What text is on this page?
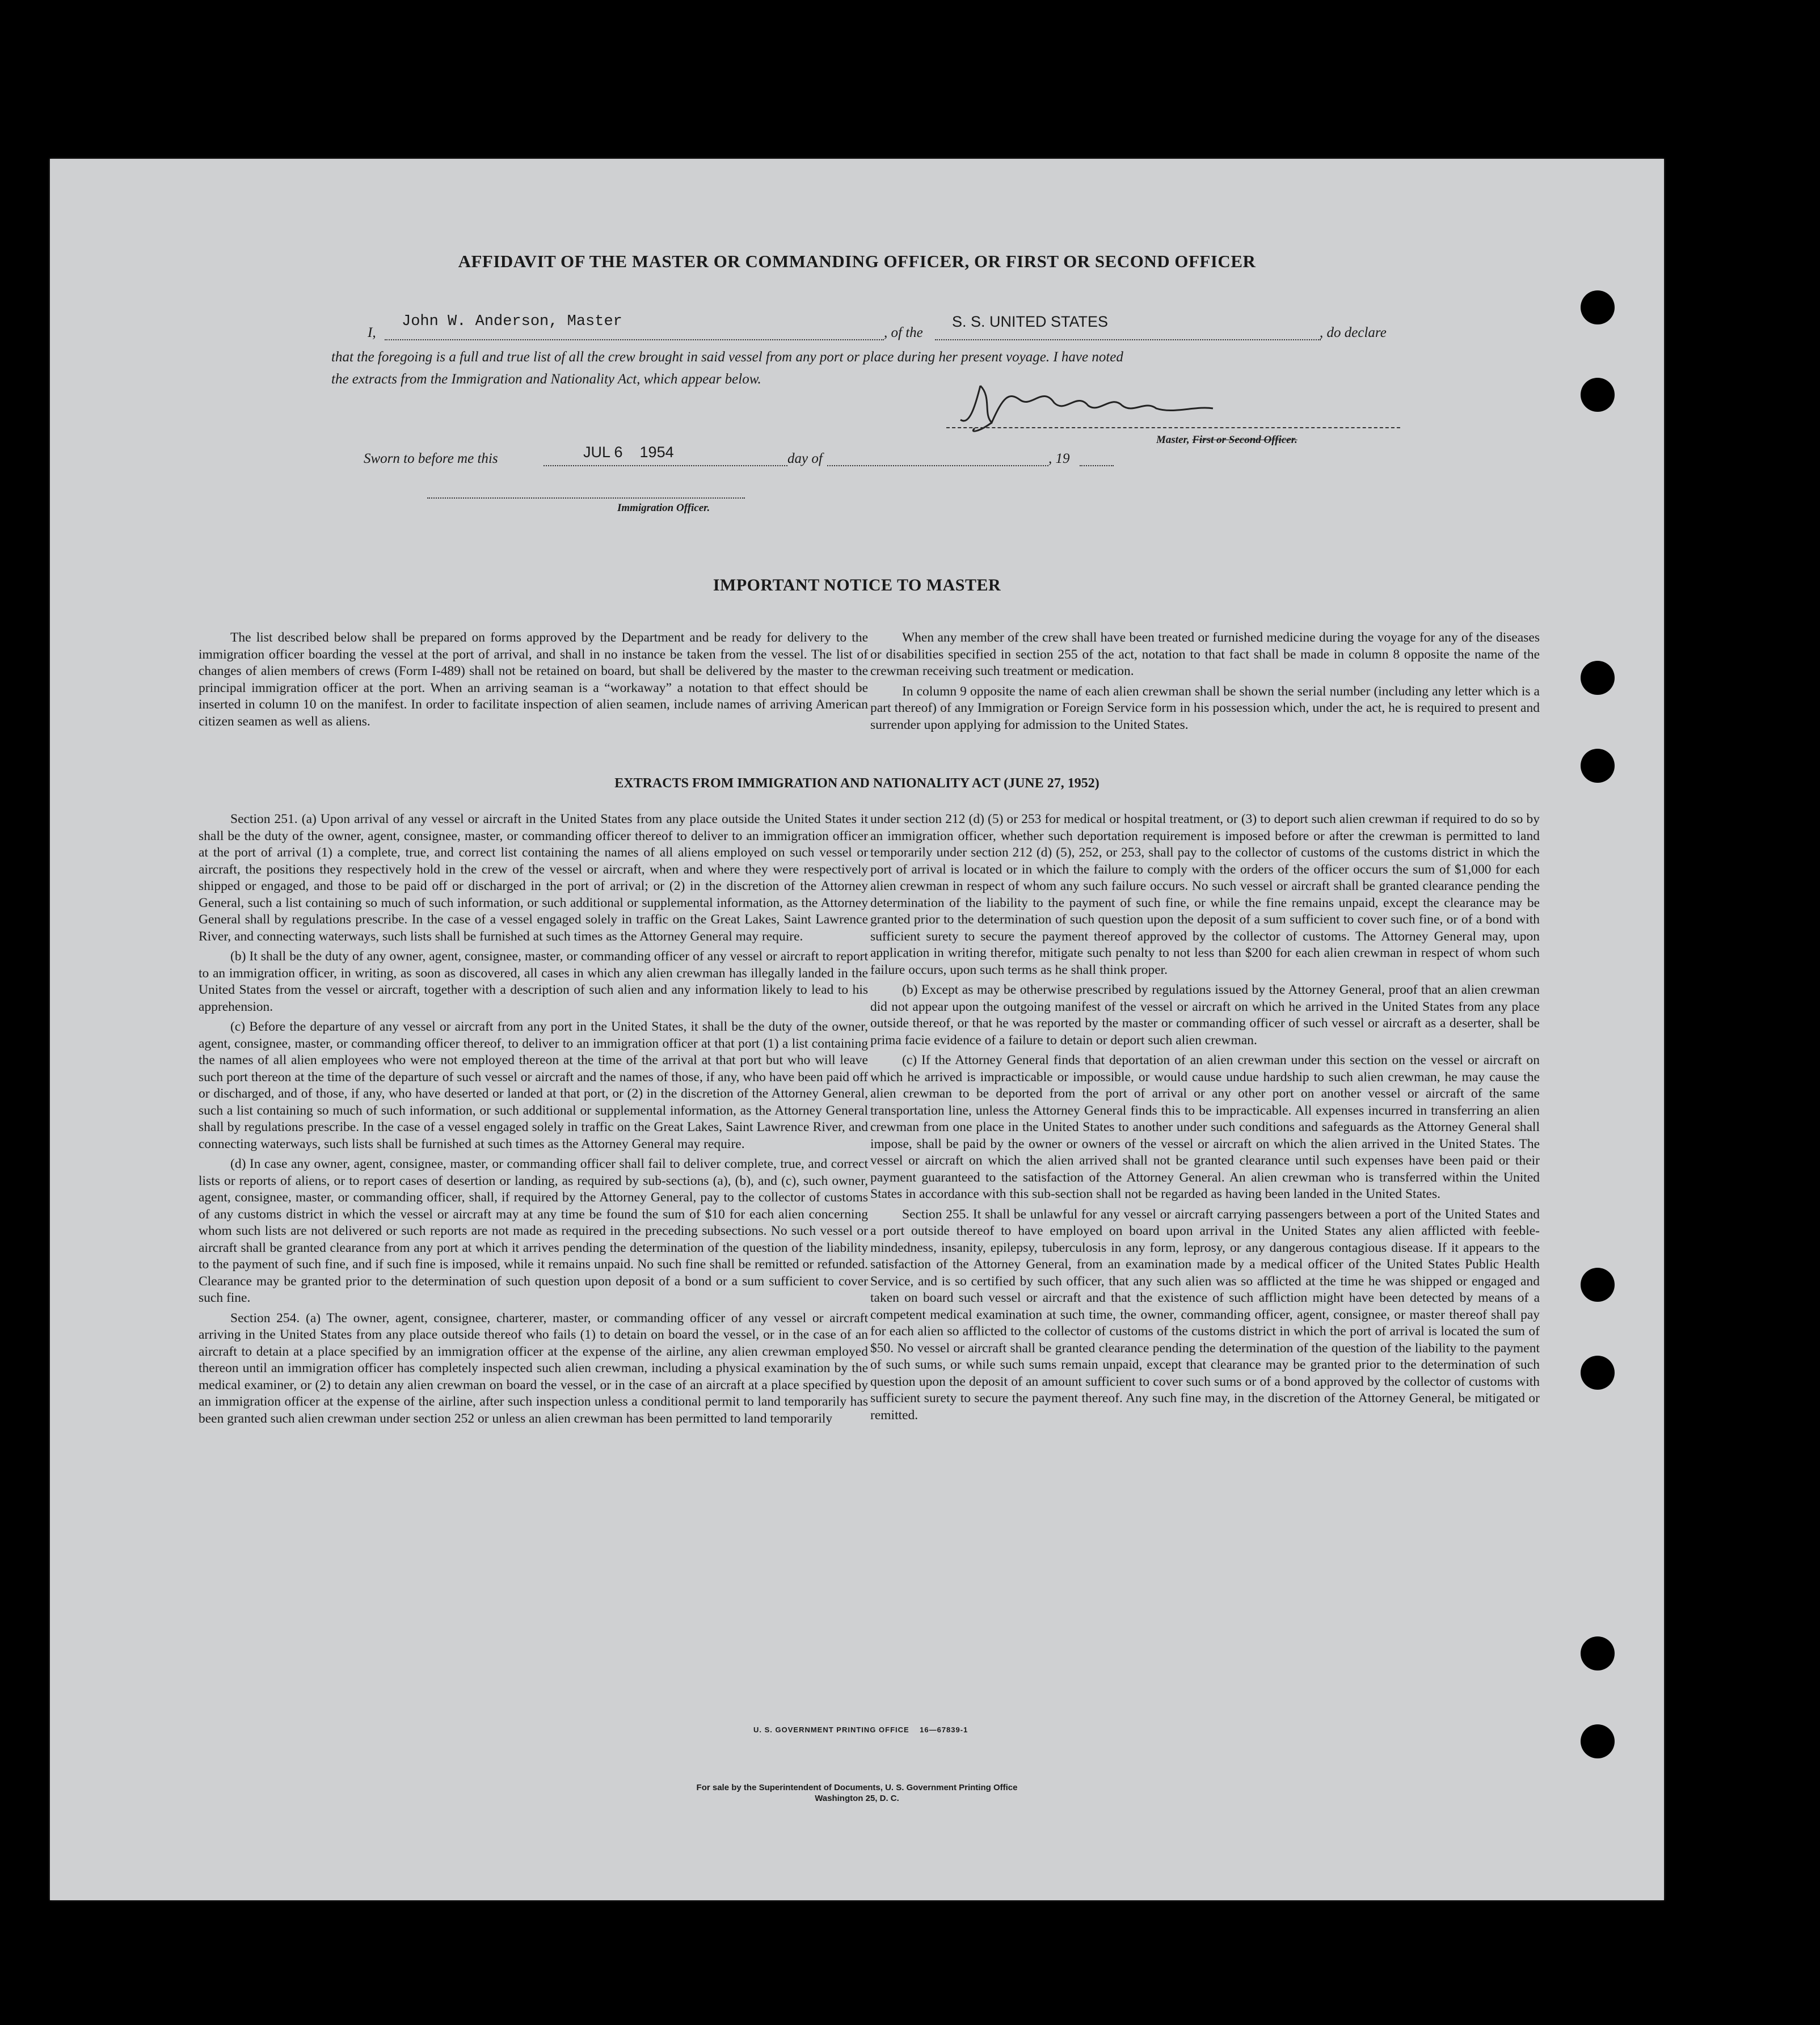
AFFIDAVIT OF THE MASTER OR COMMANDING OFFICER, OR FIRST OR SECOND OFFICER
I,
John W. Anderson, Master
, of the
S. S. UNITED STATES
, do declare
that the foregoing is a full and true list of all the crew brought in said vessel from any port or place during her present voyage. I have noted
the extracts from the Immigration and Nationality Act, which appear below.
Master, First or Second Officer.
Sworn to before me this	JUL 6    1954	day of	, 19
Immigration Officer.
IMPORTANT NOTICE TO MASTER

The list described below shall be prepared on forms approved by the Department and be ready for delivery to the immigration officer boarding the vessel at the port of arrival, and shall in no instance be taken from the vessel. The list of changes of alien members of crews (Form I-489) shall not be retained on board, but shall be delivered by the master to the principal immigration officer at the port. When an arriving seaman is a “workaway” a notation to that effect should be inserted in column 10 on the manifest. In order to facilitate inspection of alien seamen, include names of arriving American citizen seamen as well as aliens.

When any member of the crew shall have been treated or furnished medicine during the voyage for any of the diseases or disabilities specified in section 255 of the act, notation to that fact shall be made in column 8 opposite the name of the crewman receiving such treatment or medication.

In column 9 opposite the name of each alien crewman shall be shown the serial number (including any letter which is a part thereof) of any Immigration or Foreign Service form in his possession which, under the act, he is required to present and surrender upon applying for admission to the United States.

EXTRACTS FROM IMMIGRATION AND NATIONALITY ACT (JUNE 27, 1952)

Section 251. (a) Upon arrival of any vessel or aircraft in the United States from any place outside the United States it shall be the duty of the owner, agent, consignee, master, or commanding officer thereof to deliver to an immigration officer at the port of arrival (1) a complete, true, and correct list containing the names of all aliens employed on such vessel or aircraft, the positions they respectively hold in the crew of the vessel or aircraft, when and where they were respectively shipped or engaged, and those to be paid off or discharged in the port of arrival; or (2) in the discretion of the Attorney General, such a list containing so much of such information, or such additional or supplemental information, as the Attorney General shall by regulations prescribe. In the case of a vessel engaged solely in traffic on the Great Lakes, Saint Lawrence River, and connecting waterways, such lists shall be furnished at such times as the Attorney General may require.

(b) It shall be the duty of any owner, agent, consignee, master, or commanding officer of any vessel or aircraft to report to an immigration officer, in writing, as soon as discovered, all cases in which any alien crewman has illegally landed in the United States from the vessel or aircraft, together with a description of such alien and any information likely to lead to his apprehension.

(c) Before the departure of any vessel or aircraft from any port in the United States, it shall be the duty of the owner, agent, consignee, master, or commanding officer thereof, to deliver to an immigration officer at that port (1) a list containing the names of all alien employees who were not employed thereon at the time of the arrival at that port but who will leave such port thereon at the time of the departure of such vessel or aircraft and the names of those, if any, who have been paid off or discharged, and of those, if any, who have deserted or landed at that port, or (2) in the discretion of the Attorney General, such a list containing so much of such information, or such additional or supplemental information, as the Attorney General shall by regulations prescribe. In the case of a vessel engaged solely in traffic on the Great Lakes, Saint Lawrence River, and connecting waterways, such lists shall be furnished at such times as the Attorney General may require.

(d) In case any owner, agent, consignee, master, or commanding officer shall fail to deliver complete, true, and correct lists or reports of aliens, or to report cases of desertion or landing, as required by sub-sections (a), (b), and (c), such owner, agent, consignee, master, or commanding officer, shall, if required by the Attorney General, pay to the collector of customs of any customs district in which the vessel or aircraft may at any time be found the sum of $10 for each alien concerning whom such lists are not delivered or such reports are not made as required in the preceding subsections. No such vessel or aircraft shall be granted clearance from any port at which it arrives pending the determination of the question of the liability to the payment of such fine, and if such fine is imposed, while it remains unpaid. No such fine shall be remitted or refunded. Clearance may be granted prior to the determination of such question upon deposit of a bond or a sum sufficient to cover such fine.

Section 254. (a) The owner, agent, consignee, charterer, master, or commanding officer of any vessel or aircraft arriving in the United States from any place outside thereof who fails (1) to detain on board the vessel, or in the case of an aircraft to detain at a place specified by an immigration officer at the expense of the airline, any alien crewman employed thereon until an immigration officer has completely inspected such alien crewman, including a physical examination by the medical examiner, or (2) to detain any alien crewman on board the vessel, or in the case of an aircraft at a place specified by an immigration officer at the expense of the airline, after such inspection unless a conditional permit to land temporarily has been granted such alien crewman under section 252 or unless an alien crewman has been permitted to land temporarily

under section 212 (d) (5) or 253 for medical or hospital treatment, or (3) to deport such alien crewman if required to do so by an immigration officer, whether such deportation requirement is imposed before or after the crewman is permitted to land temporarily under section 212 (d) (5), 252, or 253, shall pay to the collector of customs of the customs district in which the port of arrival is located or in which the failure to comply with the orders of the officer occurs the sum of $1,000 for each alien crewman in respect of whom any such failure occurs. No such vessel or aircraft shall be granted clearance pending the determination of the liability to the payment of such fine, or while the fine remains unpaid, except the clearance may be granted prior to the determination of such question upon the deposit of a sum sufficient to cover such fine, or of a bond with sufficient surety to secure the payment thereof approved by the collector of customs. The Attorney General may, upon application in writing therefor, mitigate such penalty to not less than $200 for each alien crewman in respect of whom such failure occurs, upon such terms as he shall think proper.

(b) Except as may be otherwise prescribed by regulations issued by the Attorney General, proof that an alien crewman did not appear upon the outgoing manifest of the vessel or aircraft on which he arrived in the United States from any place outside thereof, or that he was reported by the master or commanding officer of such vessel or aircraft as a deserter, shall be prima facie evidence of a failure to detain or deport such alien crewman.

(c) If the Attorney General finds that deportation of an alien crewman under this section on the vessel or aircraft on which he arrived is impracticable or impossible, or would cause undue hardship to such alien crewman, he may cause the alien crewman to be deported from the port of arrival or any other port on another vessel or aircraft of the same transportation line, unless the Attorney General finds this to be impracticable. All expenses incurred in transferring an alien crewman from one place in the United States to another under such conditions and safeguards as the Attorney General shall impose, shall be paid by the owner or owners of the vessel or aircraft on which the alien arrived in the United States. The vessel or aircraft on which the alien arrived shall not be granted clearance until such expenses have been paid or their payment guaranteed to the satisfaction of the Attorney General. An alien crewman who is transferred within the United States in accordance with this sub-section shall not be regarded as having been landed in the United States.

Section 255. It shall be unlawful for any vessel or aircraft carrying passengers between a port of the United States and a port outside thereof to have employed on board upon arrival in the United States any alien afflicted with feeble-mindedness, insanity, epilepsy, tuberculosis in any form, leprosy, or any dangerous contagious disease. If it appears to the satisfaction of the Attorney General, from an examination made by a medical officer of the United States Public Health Service, and is so certified by such officer, that any such alien was so afflicted at the time he was shipped or engaged and taken on board such vessel or aircraft and that the existence of such affliction might have been detected by means of a competent medical examination at such time, the owner, commanding officer, agent, consignee, or master thereof shall pay for each alien so afflicted to the collector of customs of the customs district in which the port of arrival is located the sum of $50. No vessel or aircraft shall be granted clearance pending the determination of the question of the liability to the payment of such sums, or while such sums remain unpaid, except that clearance may be granted prior to the determination of such question upon the deposit of an amount sufficient to cover such sums or of a bond approved by the collector of customs with sufficient surety to secure the payment thereof. Any such fine may, in the discretion of the Attorney General, be mitigated or remitted.

U. S. GOVERNMENT PRINTING OFFICE    16—67839-1
For sale by the Superintendent of Documents, U. S. Government Printing Office
Washington 25, D. C.
